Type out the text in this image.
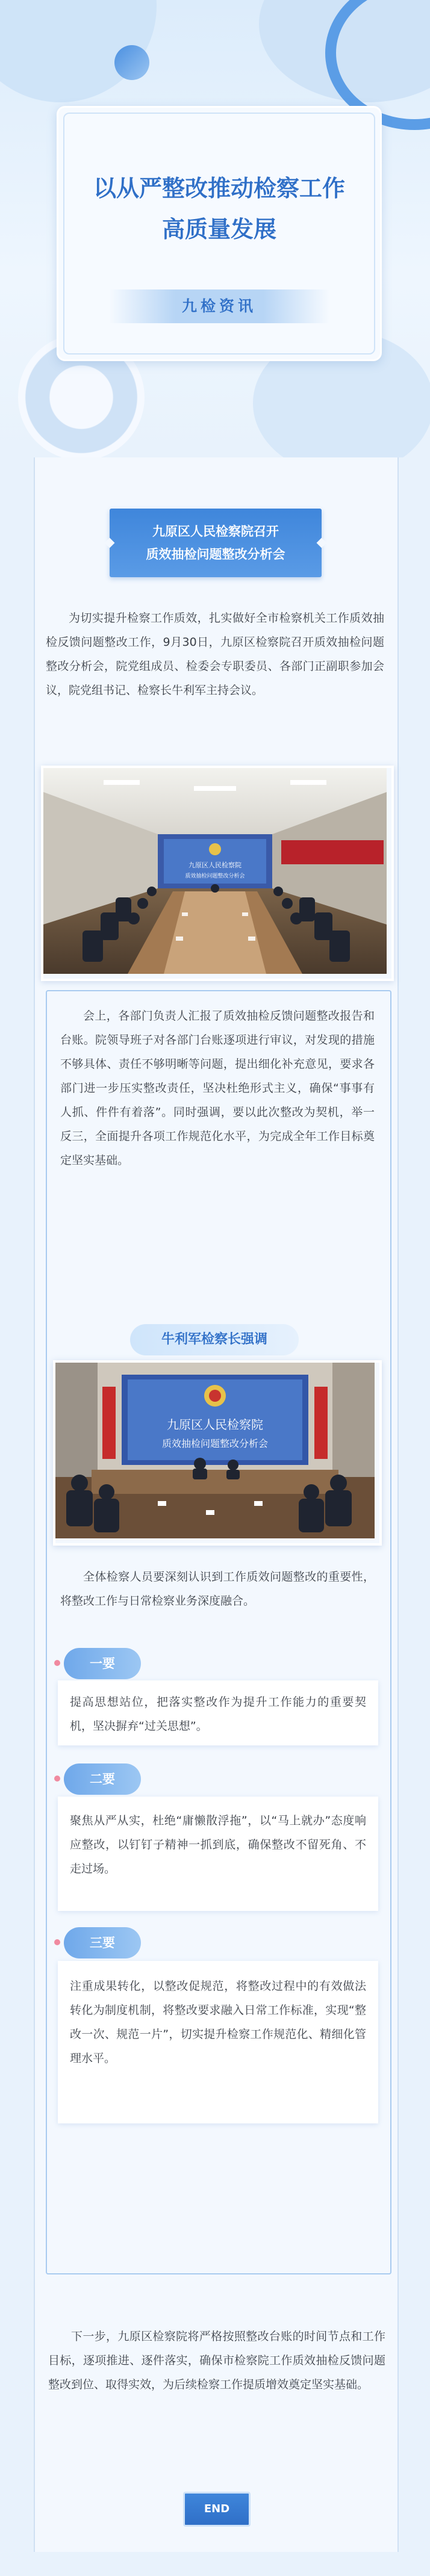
以从严整改推动检察工作
高质量发展
九检资讯
九原区人民检察院召开
质效抽检问题整改分析会
为切实提升检察工作质效，扎实做好全市检察机关工作质效抽检反馈问题整改工作，9月30日，九原区检察院召开质效抽检问题整改分析会，院党组成员、检委会专职委员、各部门正副职参加会议，院党组书记、检察长牛利军主持会议。
九原区人民检察院
质效抽检问题整改分析会
会上，各部门负责人汇报了质效抽检反馈问题整改报告和台账。院领导班子对各部门台账逐项进行审议，对发现的措施不够具体、责任不够明晰等问题，提出细化补充意见，要求各部门进一步压实整改责任，坚决杜绝形式主义，确保“事事有人抓、件件有着落”。同时强调，要以此次整改为契机，举一反三，全面提升各项工作规范化水平，为完成全年工作目标奠定坚实基础。
牛利军检察长强调
九原区人民检察院
质效抽检问题整改分析会
全体检察人员要深刻认识到工作质效问题整改的重要性，将整改工作与日常检察业务深度融合。
提高思想站位，把落实整改作为提升工作能力的重要契机，坚决摒弃“过关思想”。
一要
聚焦从严从实，杜绝“庸懒散浮拖”，以“马上就办”态度响应整改，以钉钉子精神一抓到底，确保整改不留死角、不走过场。
二要
注重成果转化，以整改促规范，将整改过程中的有效做法转化为制度机制，将整改要求融入日常工作标准，实现“整改一次、规范一片”，切实提升检察工作规范化、精细化管理水平。
三要
下一步，九原区检察院将严格按照整改台账的时间节点和工作目标，逐项推进、逐件落实，确保市检察院工作质效抽检反馈问题整改到位、取得实效，为后续检察工作提质增效奠定坚实基础。
END
